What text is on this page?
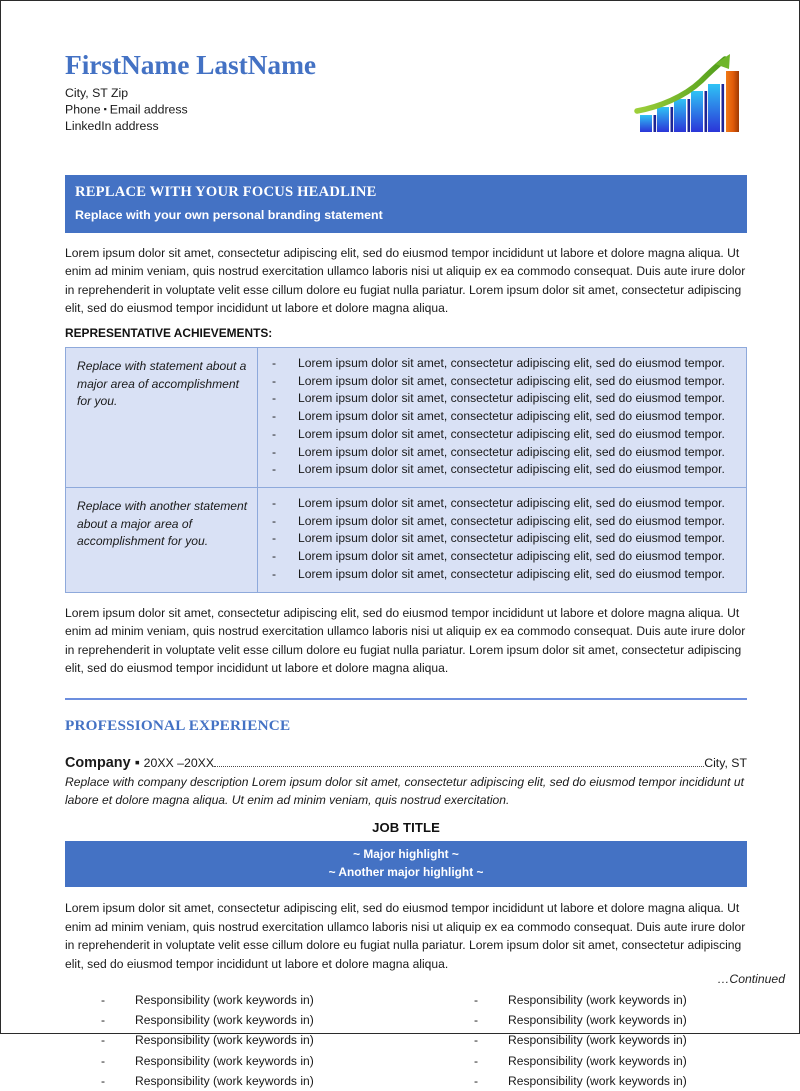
FirstName LastName
City, ST Zip
Phone ▪ Email address
LinkedIn address
REPLACE WITH YOUR FOCUS HEADLINE
Replace with your own personal branding statement

Lorem ipsum dolor sit amet, consectetur adipiscing elit, sed do eiusmod tempor incididunt ut labore et dolore magna aliqua. Ut enim ad minim veniam, quis nostrud exercitation ullamco laboris nisi ut aliquip ex ea commodo consequat. Duis aute irure dolor in reprehenderit in voluptate velit esse cillum dolore eu fugiat nulla pariatur. Lorem ipsum dolor sit amet, consectetur adipiscing elit, sed do eiusmod tempor incididunt ut labore et dolore magna aliqua.

REPRESENTATIVE ACHIEVEMENTS:
Replace with statement about a major area of accomplishment for you.	
-	Lorem ipsum dolor sit amet, consectetur adipiscing elit, sed do eiusmod tempor.
-	Lorem ipsum dolor sit amet, consectetur adipiscing elit, sed do eiusmod tempor.
-	Lorem ipsum dolor sit amet, consectetur adipiscing elit, sed do eiusmod tempor.
-	Lorem ipsum dolor sit amet, consectetur adipiscing elit, sed do eiusmod tempor.
-	Lorem ipsum dolor sit amet, consectetur adipiscing elit, sed do eiusmod tempor.
-	Lorem ipsum dolor sit amet, consectetur adipiscing elit, sed do eiusmod tempor.
-	Lorem ipsum dolor sit amet, consectetur adipiscing elit, sed do eiusmod tempor.

Replace with another statement about a major area of accomplishment for you.	
-	Lorem ipsum dolor sit amet, consectetur adipiscing elit, sed do eiusmod tempor.
-	Lorem ipsum dolor sit amet, consectetur adipiscing elit, sed do eiusmod tempor.
-	Lorem ipsum dolor sit amet, consectetur adipiscing elit, sed do eiusmod tempor.
-	Lorem ipsum dolor sit amet, consectetur adipiscing elit, sed do eiusmod tempor.
-	Lorem ipsum dolor sit amet, consectetur adipiscing elit, sed do eiusmod tempor.

Lorem ipsum dolor sit amet, consectetur adipiscing elit, sed do eiusmod tempor incididunt ut labore et dolore magna aliqua. Ut enim ad minim veniam, quis nostrud exercitation ullamco laboris nisi ut aliquip ex ea commodo consequat. Duis aute irure dolor in reprehenderit in voluptate velit esse cillum dolore eu fugiat nulla pariatur. Lorem ipsum dolor sit amet, consectetur adipiscing elit, sed do eiusmod tempor incididunt ut labore et dolore magna aliqua.

PROFESSIONAL EXPERIENCE
Company ▪ 20XX –20XX	City, ST
Replace with company description Lorem ipsum dolor sit amet, consectetur adipiscing elit, sed do eiusmod tempor incididunt ut labore et dolore magna aliqua. Ut enim ad minim veniam, quis nostrud exercitation.
JOB TITLE
~ Major highlight ~
~ Another major highlight ~

Lorem ipsum dolor sit amet, consectetur adipiscing elit, sed do eiusmod tempor incididunt ut labore et dolore magna aliqua. Ut enim ad minim veniam, quis nostrud exercitation ullamco laboris nisi ut aliquip ex ea commodo consequat. Duis aute irure dolor in reprehenderit in voluptate velit esse cillum dolore eu fugiat nulla pariatur. Lorem ipsum dolor sit amet, consectetur adipiscing elit, sed do eiusmod tempor incididunt ut labore et dolore magna aliqua.

-	Responsibility (work keywords in)
-	Responsibility (work keywords in)
-	Responsibility (work keywords in)
-	Responsibility (work keywords in)
-	Responsibility (work keywords in)
-	Responsibility (work keywords in)
-	Responsibility (work keywords in)
-	Responsibility (work keywords in)
-	Responsibility (work keywords in)
-	Responsibility (work keywords in)
…Continued
